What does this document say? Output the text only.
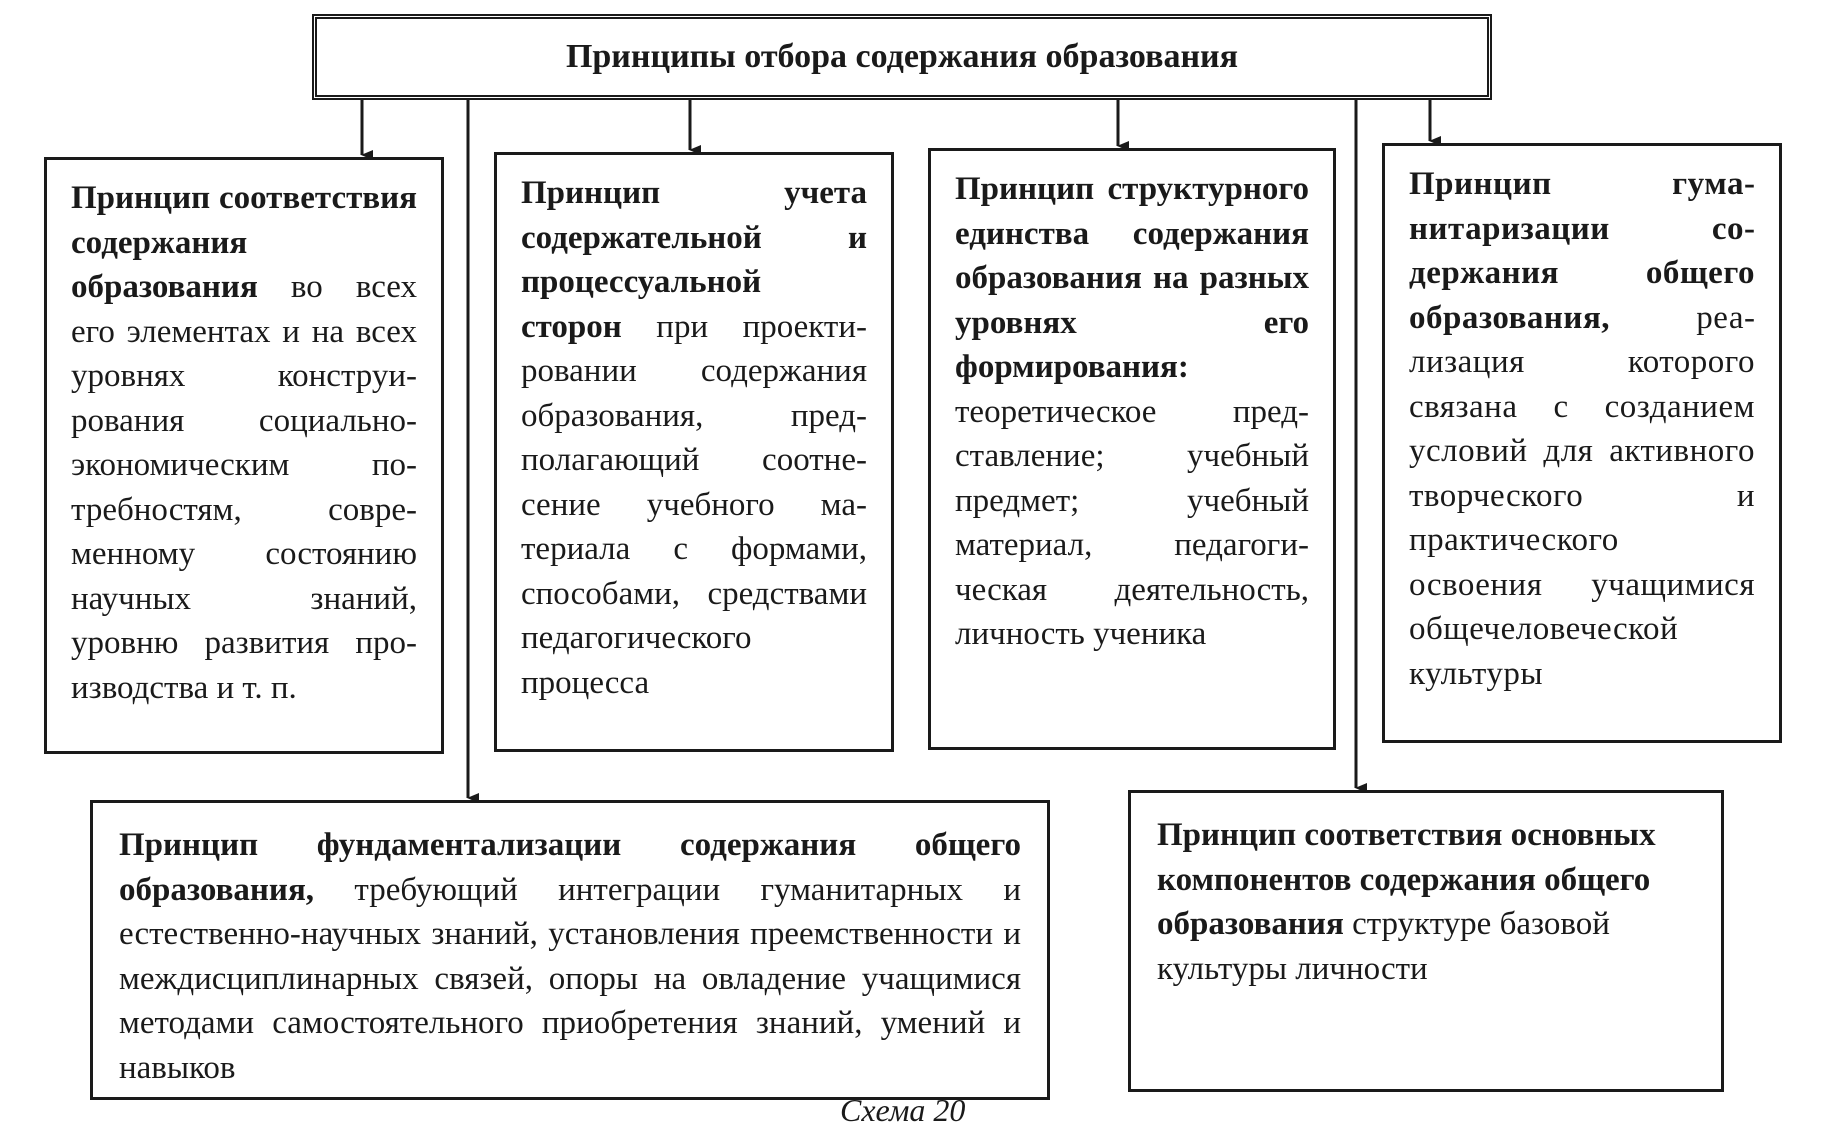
Принципы отбора содержания образования
Принцип соответствия содержания образования во всех его элементах и на всех уровнях конструирования социально-экономическим потребностям, современному состоянию научных знаний, уровню развития производства и т. п.
Принцип учета содержательной и процессуальной сторон при проектировании содержания образования, предполагающий соотнесение учебного материала с формами, способами, средствами педагогического процесса
Принцип структурного единства содержания образования на разных уровнях его формирования: теоретическое представление; учебный предмет; учебный материал, педагогическая деятельность, личность ученика
Принцип гуманитаризации содержания общего образования, реализация которого связана с созданием условий для активного творческого и практического освоения учащимися общечеловеческой культуры
Принцип фундаментализации содержания общего образования, требующий интеграции гуманитарных и естественно-научных знаний, установления преемственности и междисциплинарных связей, опоры на овладение учащимися методами самостоятельного приобретения знаний, умений и навыков
Принцип соответствия основных компонентов содержания общего образования структуре базовой культуры личности
Схема 20
